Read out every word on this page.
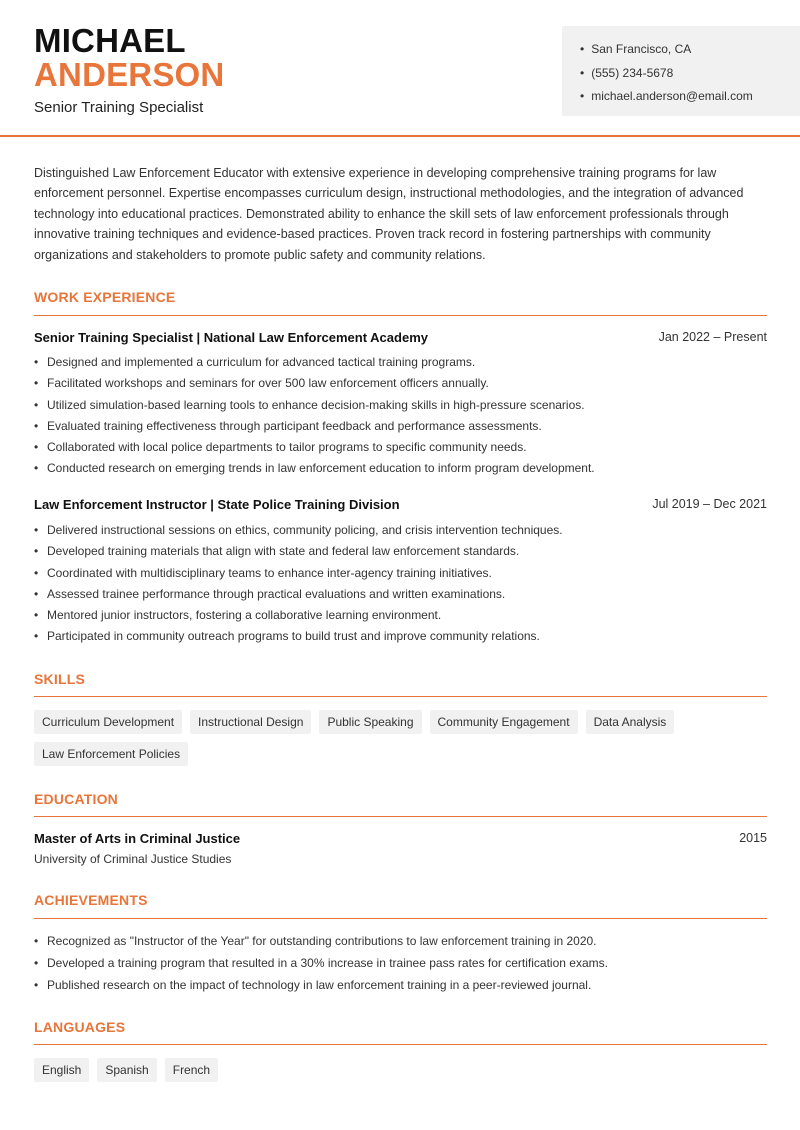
MICHAEL
ANDERSON
Senior Training Specialist
• San Francisco, CA
• (555) 234-5678
• michael.anderson@email.com

Distinguished Law Enforcement Educator with extensive experience in developing comprehensive training programs for law enforcement personnel. Expertise encompasses curriculum design, instructional methodologies, and the integration of advanced technology into educational practices. Demonstrated ability to enhance the skill sets of law enforcement professionals through innovative training techniques and evidence-based practices. Proven track record in fostering partnerships with community organizations and stakeholders to promote public safety and community relations.

WORK EXPERIENCE
Senior Training Specialist | National Law Enforcement Academy	Jan 2022 – Present
• Designed and implemented a curriculum for advanced tactical training programs.
• Facilitated workshops and seminars for over 500 law enforcement officers annually.
• Utilized simulation-based learning tools to enhance decision-making skills in high-pressure scenarios.
• Evaluated training effectiveness through participant feedback and performance assessments.
• Collaborated with local police departments to tailor programs to specific community needs.
• Conducted research on emerging trends in law enforcement education to inform program development.
Law Enforcement Instructor | State Police Training Division	Jul 2019 – Dec 2021
• Delivered instructional sessions on ethics, community policing, and crisis intervention techniques.
• Developed training materials that align with state and federal law enforcement standards.
• Coordinated with multidisciplinary teams to enhance inter-agency training initiatives.
• Assessed trainee performance through practical evaluations and written examinations.
• Mentored junior instructors, fostering a collaborative learning environment.
• Participated in community outreach programs to build trust and improve community relations.
SKILLS
Curriculum Development	Instructional Design	Public Speaking	Community Engagement	Data Analysis
Law Enforcement Policies
EDUCATION
Master of Arts in Criminal Justice	2015
University of Criminal Justice Studies
ACHIEVEMENTS
• Recognized as "Instructor of the Year" for outstanding contributions to law enforcement training in 2020.
• Developed a training program that resulted in a 30% increase in trainee pass rates for certification exams.
• Published research on the impact of technology in law enforcement training in a peer-reviewed journal.
LANGUAGES
English	Spanish	French
